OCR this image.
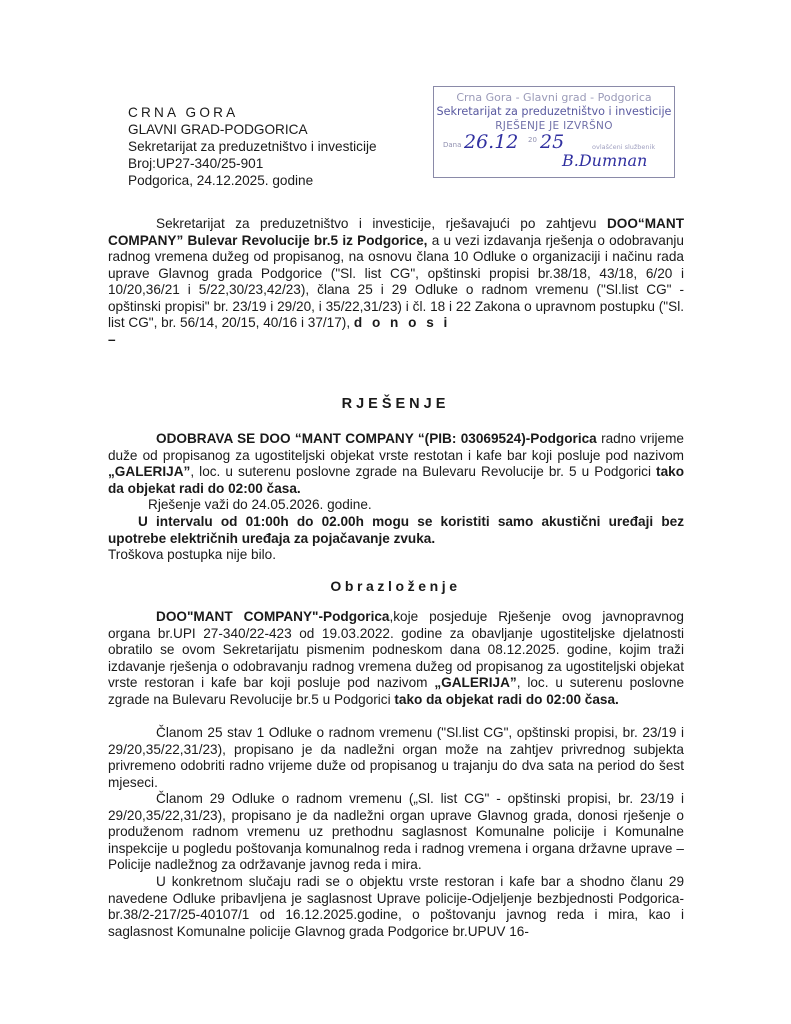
CRNA GORA
GLAVNI GRAD-PODGORICA
Sekretarijat za preduzetništvo i investicije
Broj:UP27-340/25-901
Podgorica, 24.12.2025. godine
Crna Gora - Glavni grad - Podgorica
Sekretarijat za preduzetništvo i investicije
RJEŠENJE JE IZVRŠNO
Dana 26.12 20 25	ovlašćeni službenik
B.Dumnan
Sekretarijat za preduzetništvo i investicije, rješavajući po zahtjevu DOO“MANT COMPANY” Bulevar Revolucije br.5 iz Podgorice, a u vezi izdavanja rješenja o odobravanju radnog vremena dužeg od propisanog, na osnovu člana 10 Odluke o organizaciji i načinu rada uprave Glavnog grada Podgorice ("Sl. list CG", opštinski propisi br.38/18, 43/18, 6/20 i 10/20,36/21 i 5/22,30/23,42/23), člana 25 i 29 Odluke o radnom vremenu ("Sl.list CG" - opštinski propisi" br. 23/19 i 29/20, i 35/22,31/23) i čl. 18 i 22 Zakona o upravnom postupku ("Sl. list CG", br. 56/14, 20/15, 40/16 i 37/17), d o n o s i
–
RJEŠENJE
ODOBRAVA SE DOO “MANT COMPANY “(PIB: 03069524)-Podgorica radno vrijeme duže od propisanog za ugostiteljski objekat vrste restotan i kafe bar koji posluje pod nazivom „GALERIJA”, loc. u suterenu poslovne zgrade na Bulevaru Revolucije br. 5 u Podgorici tako da objekat radi do 02:00 časa.
Rješenje važi do 24.05.2026. godine.
U intervalu od 01:00h do 02.00h mogu se koristiti samo akustični uređaji bez upotrebe električnih uređaja za pojačavanje zvuka.
Troškova postupka nije bilo.
Obrazloženje
DOO"MANT COMPANY"-Podgorica,koje posjeduje Rješenje ovog javnopravnog organa br.UPI 27-340/22-423 od 19.03.2022. godine za obavljanje ugostiteljske djelatnosti obratilo se ovom Sekretarijatu pismenim podneskom dana 08.12.2025. godine, kojim traži izdavanje rješenja o odobravanju radnog vremena dužeg od propisanog za ugostiteljski objekat vrste restoran i kafe bar koji posluje pod nazivom „GALERIJA”, loc. u suterenu poslovne zgrade na Bulevaru Revolucije br.5 u Podgorici tako da objekat radi do 02:00 časa.
Članom 25 stav 1 Odluke o radnom vremenu ("Sl.list CG", opštinski propisi, br. 23/19 i 29/20,35/22,31/23), propisano je da nadležni organ može na zahtjev privrednog subjekta privremeno odobriti radno vrijeme duže od propisanog u trajanju do dva sata na period do šest mjeseci.
Članom 29 Odluke o radnom vremenu („Sl. list CG" - opštinski propisi, br. 23/19 i 29/20,35/22,31/23), propisano je da nadležni organ uprave Glavnog grada, donosi rješenje o produženom radnom vremenu uz prethodnu saglasnost Komunalne policije i Komunalne inspekcije u pogledu poštovanja komunalnog reda i radnog vremena i organa državne uprave – Policije nadležnog za održavanje javnog reda i mira.
U konkretnom slučaju radi se o objektu vrste restoran i kafe bar a shodno članu 29 navedene Odluke pribavljena je saglasnost Uprave policije-Odjeljenje bezbjednosti Podgorica- br.38/2-217/25-40107/1 od 16.12.2025.godine, o poštovanju javnog reda i mira, kao i saglasnost Komunalne policije Glavnog grada Podgorice br.UPUV 16-
